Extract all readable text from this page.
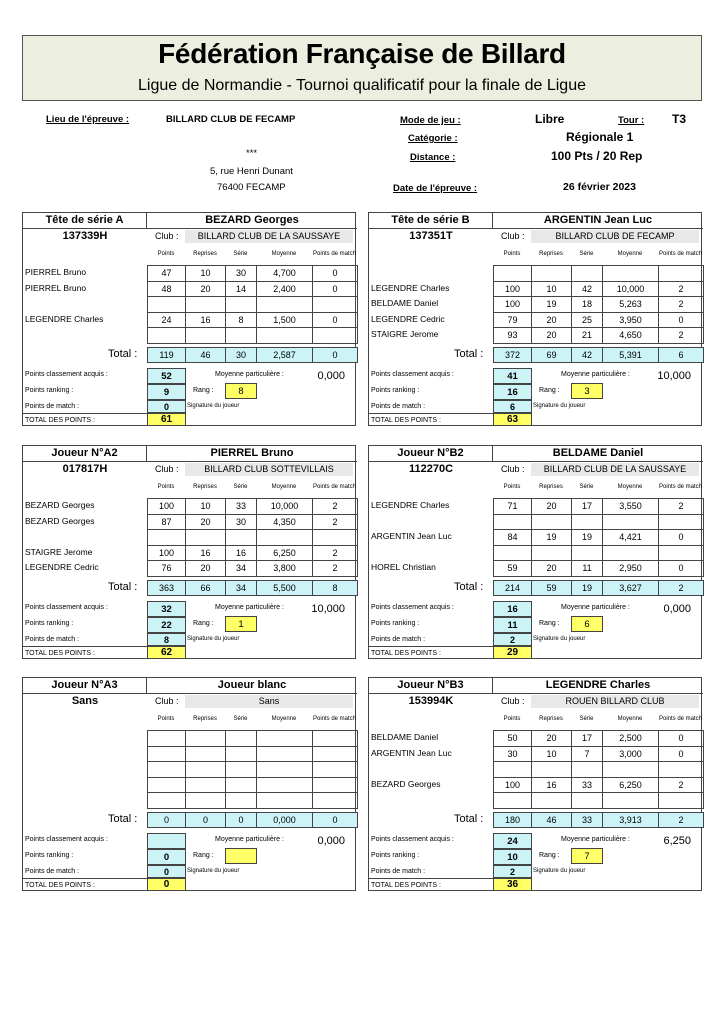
Fédération Française de Billard
Ligue de Normandie - Tournoi qualificatif pour la finale de Ligue
Lieu de l'épreuve :	BILLARD CLUB DE FECAMP
***
5, rue Henri Dunant
76400 FECAMP
Mode de jeu :	Libre	Tour : T3
Catégorie :	Régionale 1
Distance :	100 Pts / 20 Rep
Date de l'épreuve :	26 février 2023
Tête de série A
137339H
BEZARD Georges
Club :	BILLARD CLUB DE LA SAUSSAYE
Points	Reprises	Série	Moyenne	Points de match
PIERREL Bruno	47	10	30	4,700	0
PIERREL Bruno	48	20	14	2,400	0
LEGENDRE Charles	24	16	8	1,500	0
Total :	119	46	30	2,587	0
Points classement acquis :	52	Moyenne particulière :	0,000
Points ranking :	9	Rang :	8
Points de match :	0	Signature du joueur
TOTAL DES POINTS :	61
Tête de série B
137351T
ARGENTIN Jean Luc
Club :	BILLARD CLUB DE FECAMP
Points	Reprises	Série	Moyenne	Points de match
LEGENDRE Charles	100	10	42	10,000	2
BELDAME Daniel	100	19	18	5,263	2
LEGENDRE Cedric	79	20	25	3,950	0
STAIGRE Jerome	93	20	21	4,650	2
Total :	372	69	42	5,391	6
Points classement acquis :	41	Moyenne particulière :	10,000
Points ranking :	16	Rang :	3
Points de match :	6	Signature du joueur
TOTAL DES POINTS :	63
Joueur N°A2
017817H
PIERREL Bruno
Club :	BILLARD CLUB SOTTEVILLAIS
Points	Reprises	Série	Moyenne	Points de match
BEZARD Georges	100	10	33	10,000	2
BEZARD Georges	87	20	30	4,350	2
STAIGRE Jerome	100	16	16	6,250	2
LEGENDRE Cedric	76	20	34	3,800	2
Total :	363	66	34	5,500	8
Points classement acquis :	32	Moyenne particulière :	10,000
Points ranking :	22	Rang :	1
Points de match :	8	Signature du joueur
TOTAL DES POINTS :	62
Joueur N°B2
112270C
BELDAME Daniel
Club :	BILLARD CLUB DE LA SAUSSAYE
Points	Reprises	Série	Moyenne	Points de match
LEGENDRE Charles	71	20	17	3,550	2
ARGENTIN Jean Luc	84	19	19	4,421	0
HOREL Christian	59	20	11	2,950	0
Total :	214	59	19	3,627	2
Points classement acquis :	16	Moyenne particulière :	0,000
Points ranking :	11	Rang :	6
Points de match :	2	Signature du joueur
TOTAL DES POINTS :	29
Joueur N°A3
Sans
Joueur blanc
Club :	Sans
Points	Reprises	Série	Moyenne	Points de match
Total :	0	0	0	0,000	0
Points classement acquis :	Moyenne particulière :	0,000
Points ranking :	0	Rang :
Points de match :	0	Signature du joueur
TOTAL DES POINTS :	0
Joueur N°B3
153994K
LEGENDRE Charles
Club :	ROUEN BILLARD CLUB
Points	Reprises	Série	Moyenne	Points de match
BELDAME Daniel	50	20	17	2,500	0
ARGENTIN Jean Luc	30	10	7	3,000	0
BEZARD Georges	100	16	33	6,250	2
Total :	180	46	33	3,913	2
Points classement acquis :	24	Moyenne particulière :	6,250
Points ranking :	10	Rang :	7
Points de match :	2	Signature du joueur
TOTAL DES POINTS :	36
